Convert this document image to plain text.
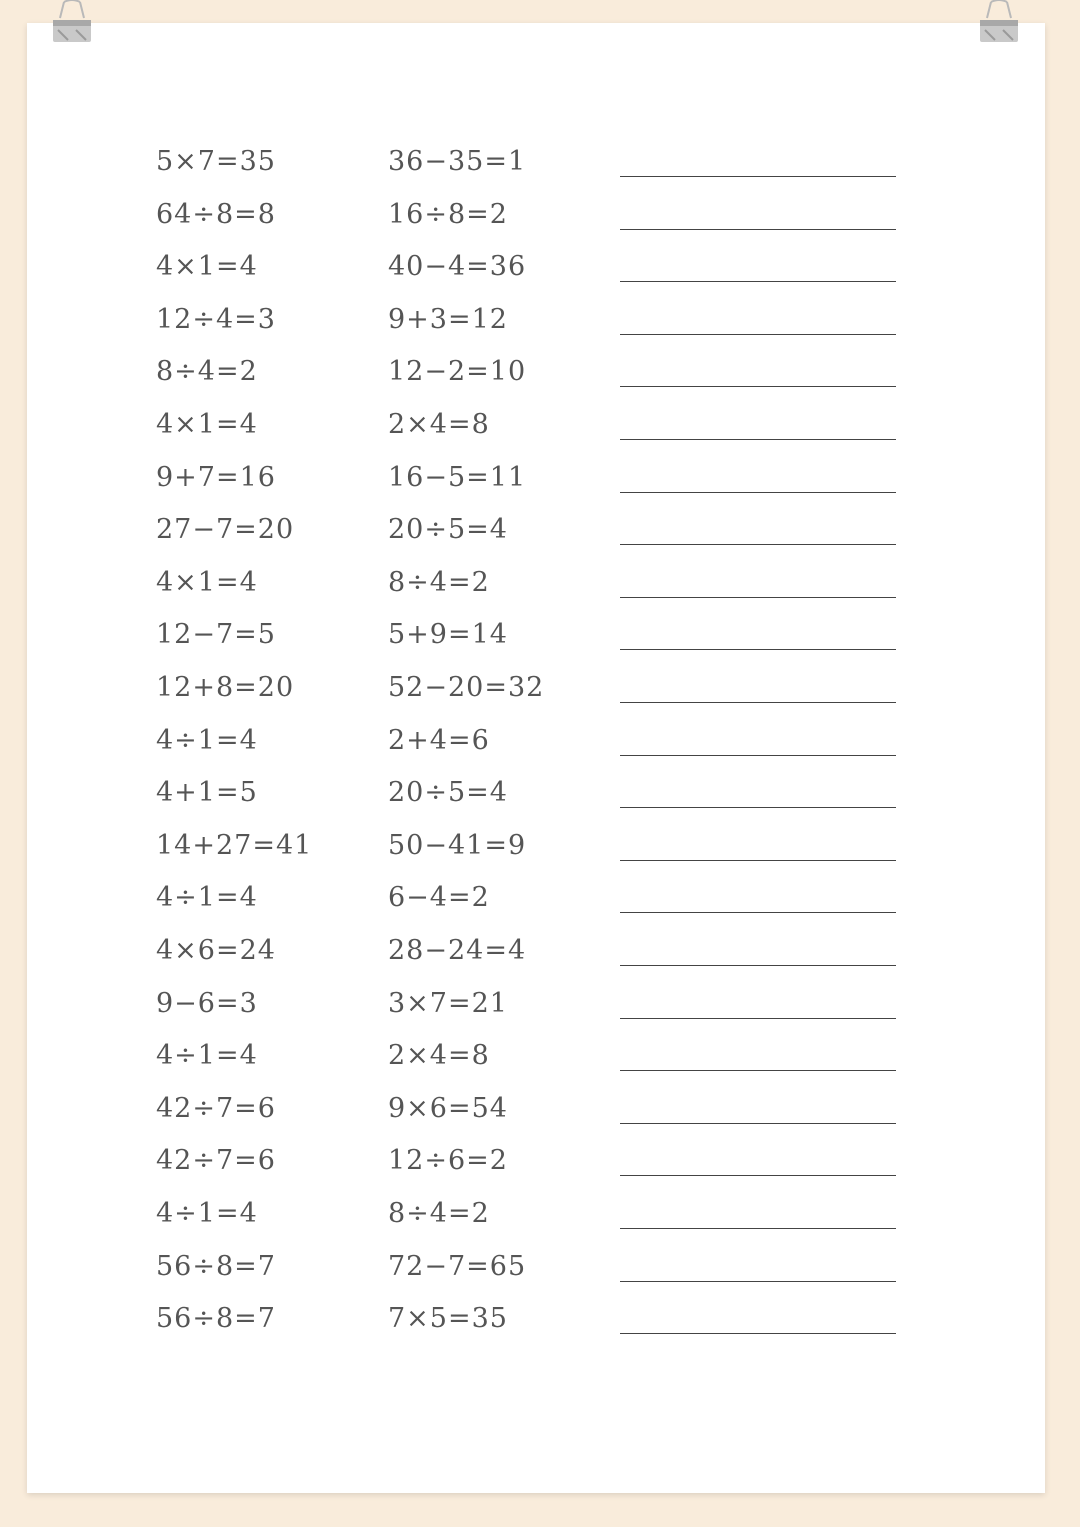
5×7=35	36−35=1
64÷8=8	16÷8=2
4×1=4	40−4=36
12÷4=3	9+3=12
8÷4=2	12−2=10
4×1=4	2×4=8
9+7=16	16−5=11
27−7=20	20÷5=4
4×1=4	8÷4=2
12−7=5	5+9=14
12+8=20	52−20=32
4÷1=4	2+4=6
4+1=5	20÷5=4
14+27=41	50−41=9
4÷1=4	6−4=2
4×6=24	28−24=4
9−6=3	3×7=21
4÷1=4	2×4=8
42÷7=6	9×6=54
42÷7=6	12÷6=2
4÷1=4	8÷4=2
56÷8=7	72−7=65
56÷8=7	7×5=35
